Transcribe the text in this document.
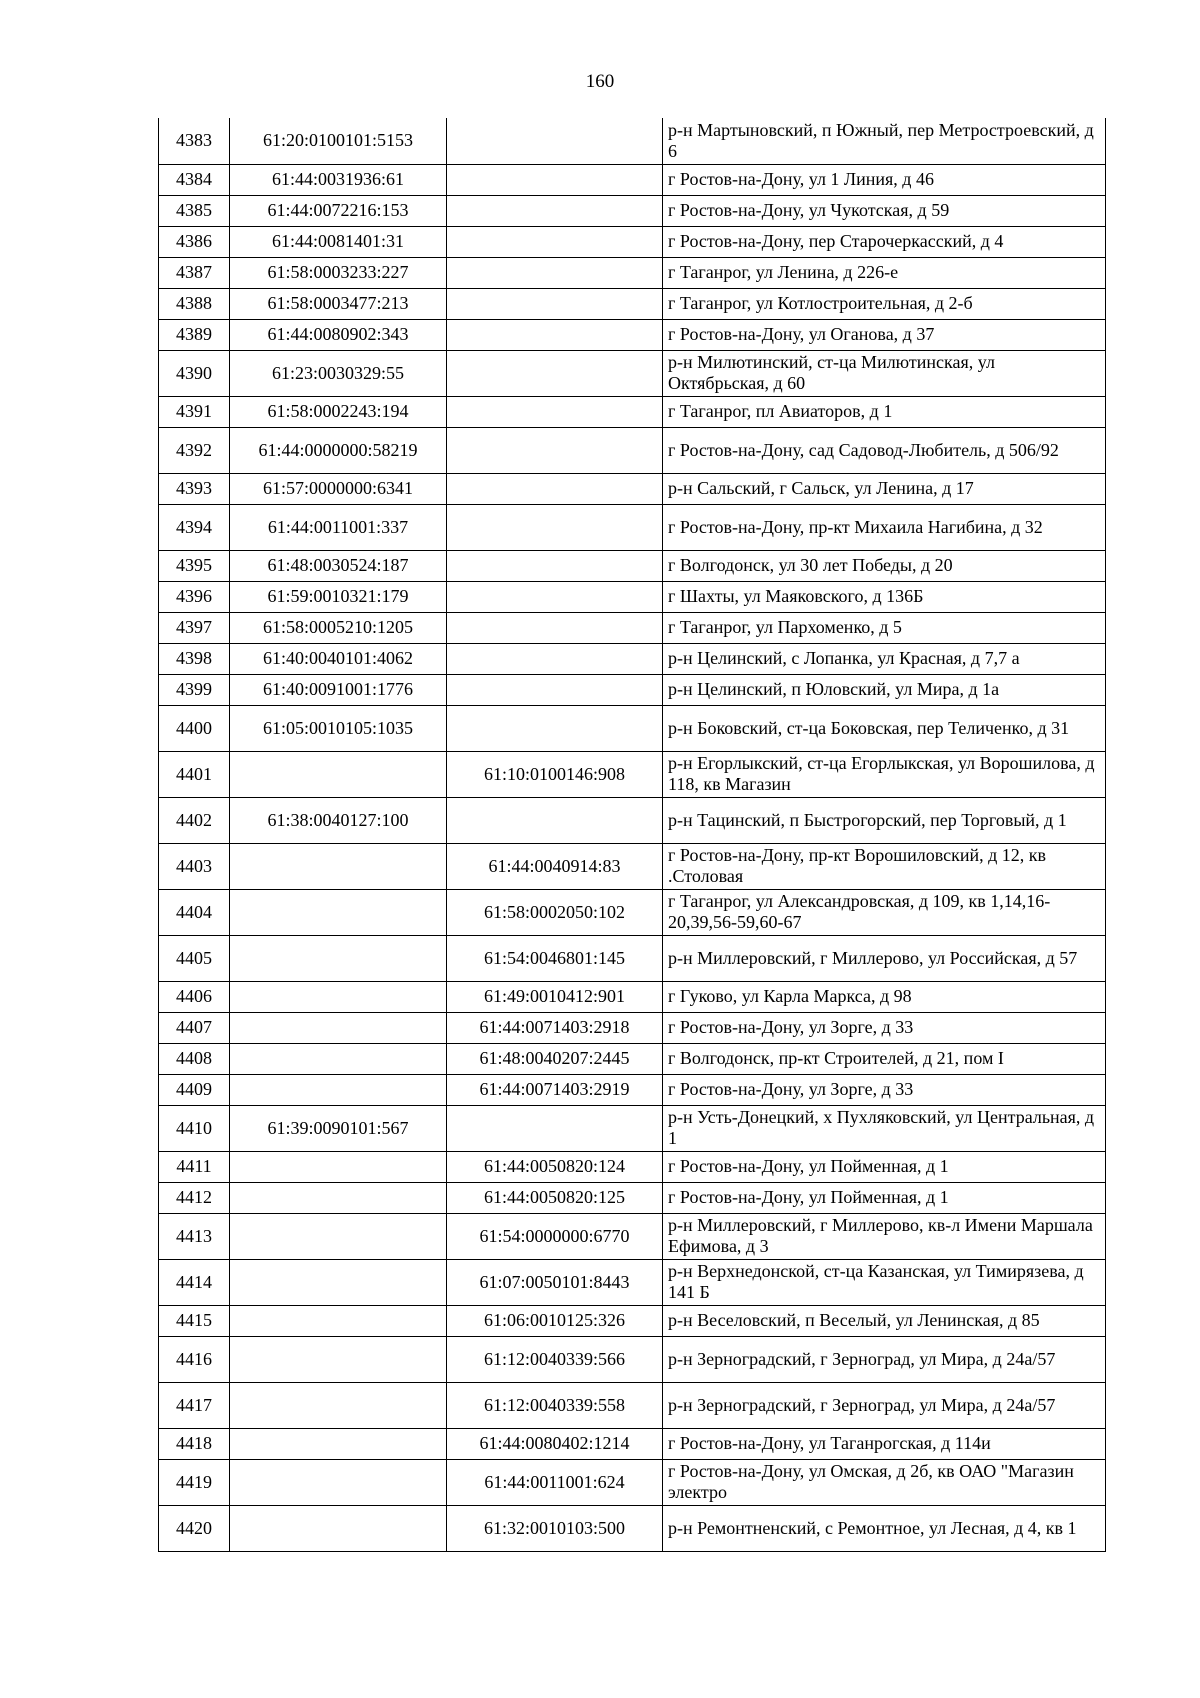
160
4383	61:20:0100101:5153		р-н Мартыновский, п Южный, пер Метростроевский, д 6
4384	61:44:0031936:61		г Ростов-на-Дону, ул 1 Линия, д 46
4385	61:44:0072216:153		г Ростов-на-Дону, ул Чукотская, д 59
4386	61:44:0081401:31		г Ростов-на-Дону, пер Старочеркасский, д 4
4387	61:58:0003233:227		г Таганрог, ул Ленина, д 226-е
4388	61:58:0003477:213		г Таганрог, ул Котлостроительная, д 2-б
4389	61:44:0080902:343		г Ростов-на-Дону, ул Оганова, д 37
4390	61:23:0030329:55		р-н Милютинский, ст-ца Милютинская, ул Октябрьская, д 60
4391	61:58:0002243:194		г Таганрог, пл Авиаторов, д 1
4392	61:44:0000000:58219		г Ростов-на-Дону, сад Садовод-Любитель, д 506/92
4393	61:57:0000000:6341		р-н Сальский, г Сальск, ул Ленина, д 17
4394	61:44:0011001:337		г Ростов-на-Дону, пр-кт Михаила Нагибина, д 32
4395	61:48:0030524:187		г Волгодонск, ул 30 лет Победы, д 20
4396	61:59:0010321:179		г Шахты, ул Маяковского, д 136Б
4397	61:58:0005210:1205		г Таганрог, ул Пархоменко, д 5
4398	61:40:0040101:4062		р-н Целинский, с Лопанка, ул Красная, д 7,7 а
4399	61:40:0091001:1776		р-н Целинский, п Юловский, ул Мира, д 1а
4400	61:05:0010105:1035		р-н Боковский, ст-ца Боковская, пер Теличенко, д 31
4401		61:10:0100146:908	р-н Егорлыкский, ст-ца Егорлыкская, ул Ворошилова, д 118, кв Магазин
4402	61:38:0040127:100		р-н Тацинский, п Быстрогорский, пер Торговый, д 1
4403		61:44:0040914:83	г Ростов-на-Дону, пр-кт Ворошиловский, д 12, кв .Столовая
4404		61:58:0002050:102	г Таганрог, ул Александровская, д 109, кв 1,14,16-20,39,56-59,60-67
4405		61:54:0046801:145	р-н Миллеровский, г Миллерово, ул Российская, д 57
4406		61:49:0010412:901	г Гуково, ул Карла Маркса, д 98
4407		61:44:0071403:2918	г Ростов-на-Дону, ул Зорге, д 33
4408		61:48:0040207:2445	г Волгодонск, пр-кт Строителей, д 21, пом I
4409		61:44:0071403:2919	г Ростов-на-Дону, ул Зорге, д 33
4410	61:39:0090101:567		р-н Усть-Донецкий, х Пухляковский, ул Центральная, д 1
4411		61:44:0050820:124	г Ростов-на-Дону, ул Пойменная, д 1
4412		61:44:0050820:125	г Ростов-на-Дону, ул Пойменная, д 1
4413		61:54:0000000:6770	р-н Миллеровский, г Миллерово, кв-л Имени Маршала Ефимова, д 3
4414		61:07:0050101:8443	р-н Верхнедонской, ст-ца Казанская, ул Тимирязева, д 141 Б
4415		61:06:0010125:326	р-н Веселовский, п Веселый, ул Ленинская, д 85
4416		61:12:0040339:566	р-н Зерноградский, г Зерноград, ул Мира, д 24а/57
4417		61:12:0040339:558	р-н Зерноградский, г Зерноград, ул Мира, д 24а/57
4418		61:44:0080402:1214	г Ростов-на-Дону, ул Таганрогская, д 114и
4419		61:44:0011001:624	г Ростов-на-Дону, ул Омская, д 2б, кв ОАО "Магазин электро
4420		61:32:0010103:500	р-н Ремонтненский, с Ремонтное, ул Лесная, д 4, кв 1
